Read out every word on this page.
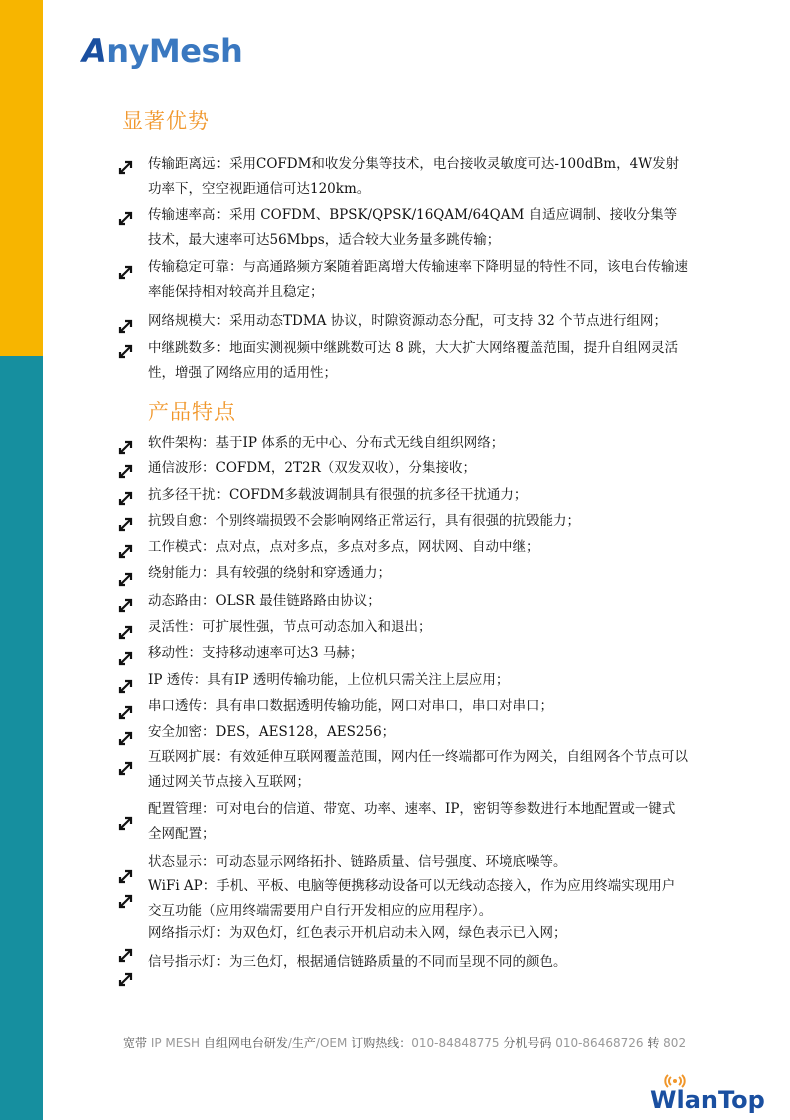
AnyMesh
显著优势
传输距离远：采用COFDM和收发分集等技术，电台接收灵敏度可达-100dBm，4W发射功率下，空空视距通信可达120km。
传输速率高：采用 COFDM、BPSK/QPSK/16QAM/64QAM 自适应调制、接收分集等技术，最大速率可达56Mbps，适合较大业务量多跳传输；
传输稳定可靠：与高通路频方案随着距离增大传输速率下降明显的特性不同，该电台传输速率能保持相对较高并且稳定；
网络规模大：采用动态TDMA 协议，时隙资源动态分配，可支持 32 个节点进行组网；
中继跳数多：地面实测视频中继跳数可达 8 跳，大大扩大网络覆盖范围，提升自组网灵活性，增强了网络应用的适用性；
产品特点
软件架构：基于IP 体系的无中心、分布式无线自组织网络；
通信波形：COFDM，2T2R（双发双收），分集接收；
抗多径干扰：COFDM多载波调制具有很强的抗多径干扰通力；
抗毁自愈：个别终端损毁不会影响网络正常运行，具有很强的抗毁能力；
工作模式：点对点，点对多点，多点对多点，网状网、自动中继；
绕射能力：具有较强的绕射和穿透通力；
动态路由：OLSR 最佳链路路由协议；
灵活性：可扩展性强，节点可动态加入和退出；
移动性：支持移动速率可达3 马赫；
IP 透传：具有IP 透明传输功能，上位机只需关注上层应用；
串口透传：具有串口数据透明传输功能，网口对串口，串口对串口；
安全加密：DES，AES128，AES256；
互联网扩展：有效延伸互联网覆盖范围，网内任一终端都可作为网关，自组网各个节点可以通过网关节点接入互联网；
配置管理：可对电台的信道、带宽、功率、速率、IP，密钥等参数进行本地配置或一键式全网配置；
状态显示：可动态显示网络拓扑、链路质量、信号强度、环境底噪等。
WiFi AP：手机、平板、电脑等便携移动设备可以无线动态接入，作为应用终端实现用户交互功能（应用终端需要用户自行开发相应的应用程序）。
网络指示灯：为双色灯，红色表示开机启动未入网，绿色表示已入网；
信号指示灯：为三色灯，根据通信链路质量的不同而呈现不同的颜色。
宽带 IP MESH 自组网电台研发/生产/OEM 订购热线：010-84848775 分机号码 010-86468726 转 802
WlanTop
